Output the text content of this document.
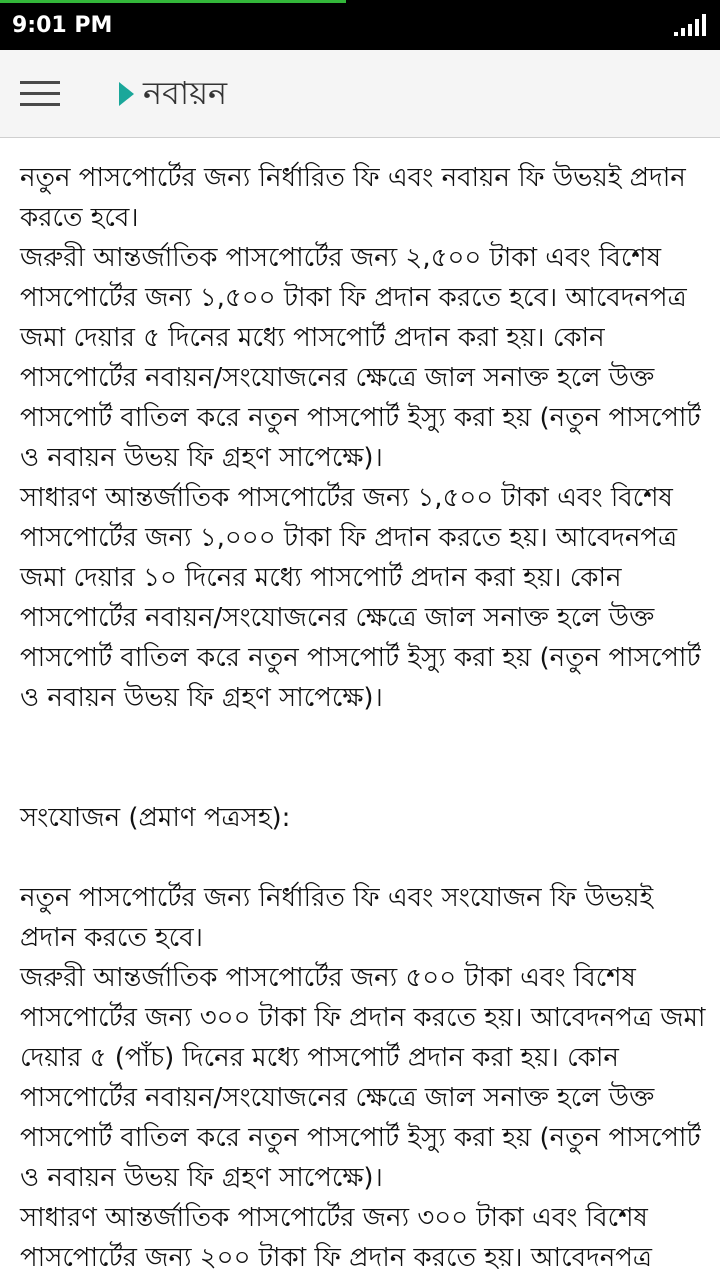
9:01 PM
নবায়ন

নতুন পাসপোর্টের জন্য নির্ধারিত ফি এবং নবায়ন ফি উভয়ই প্রদান করতে হবে।

জরুরী আন্তর্জাতিক পাসপোর্টের জন্য ২,৫০০ টাকা এবং বিশেষ পাসপোর্টের জন্য ১,৫০০ টাকা ফি প্রদান করতে হবে। আবেদনপত্র জমা দেয়ার ৫ দিনের মধ্যে পাসপোর্ট প্রদান করা হয়। কোন পাসপোর্টের নবায়ন/সংযোজনের ক্ষেত্রে জাল সনাক্ত হলে উক্ত পাসপোর্ট বাতিল করে নতুন পাসপোর্ট ইস্যু করা হয় (নতুন পাসপোর্ট ও নবায়ন উভয় ফি গ্রহণ সাপেক্ষে)।

সাধারণ আন্তর্জাতিক পাসপোর্টের জন্য ১,৫০০ টাকা এবং বিশেষ পাসপোর্টের জন্য ১,০০০ টাকা ফি প্রদান করতে হয়। আবেদনপত্র জমা দেয়ার ১০ দিনের মধ্যে পাসপোর্ট প্রদান করা হয়। কোন পাসপোর্টের নবায়ন/সংযোজনের ক্ষেত্রে জাল সনাক্ত হলে উক্ত পাসপোর্ট বাতিল করে নতুন পাসপোর্ট ইস্যু করা হয় (নতুন পাসপোর্ট ও নবায়ন উভয় ফি গ্রহণ সাপেক্ষে)।

সংযোজন (প্রমাণ পত্রসহ):

নতুন পাসপোর্টের জন্য নির্ধারিত ফি এবং সংযোজন ফি উভয়ই প্রদান করতে হবে।

জরুরী আন্তর্জাতিক পাসপোর্টের জন্য ৫০০ টাকা এবং বিশেষ পাসপোর্টের জন্য ৩০০ টাকা ফি প্রদান করতে হয়। আবেদনপত্র জমা দেয়ার ৫ (পাঁচ) দিনের মধ্যে পাসপোর্ট প্রদান করা হয়। কোন পাসপোর্টের নবায়ন/সংযোজনের ক্ষেত্রে জাল সনাক্ত হলে উক্ত পাসপোর্ট বাতিল করে নতুন পাসপোর্ট ইস্যু করা হয় (নতুন পাসপোর্ট ও নবায়ন উভয় ফি গ্রহণ সাপেক্ষে)।

সাধারণ আন্তর্জাতিক পাসপোর্টের জন্য ৩০০ টাকা এবং বিশেষ পাসপোর্টের জন্য ২০০ টাকা ফি প্রদান করতে হয়। আবেদনপত্র
